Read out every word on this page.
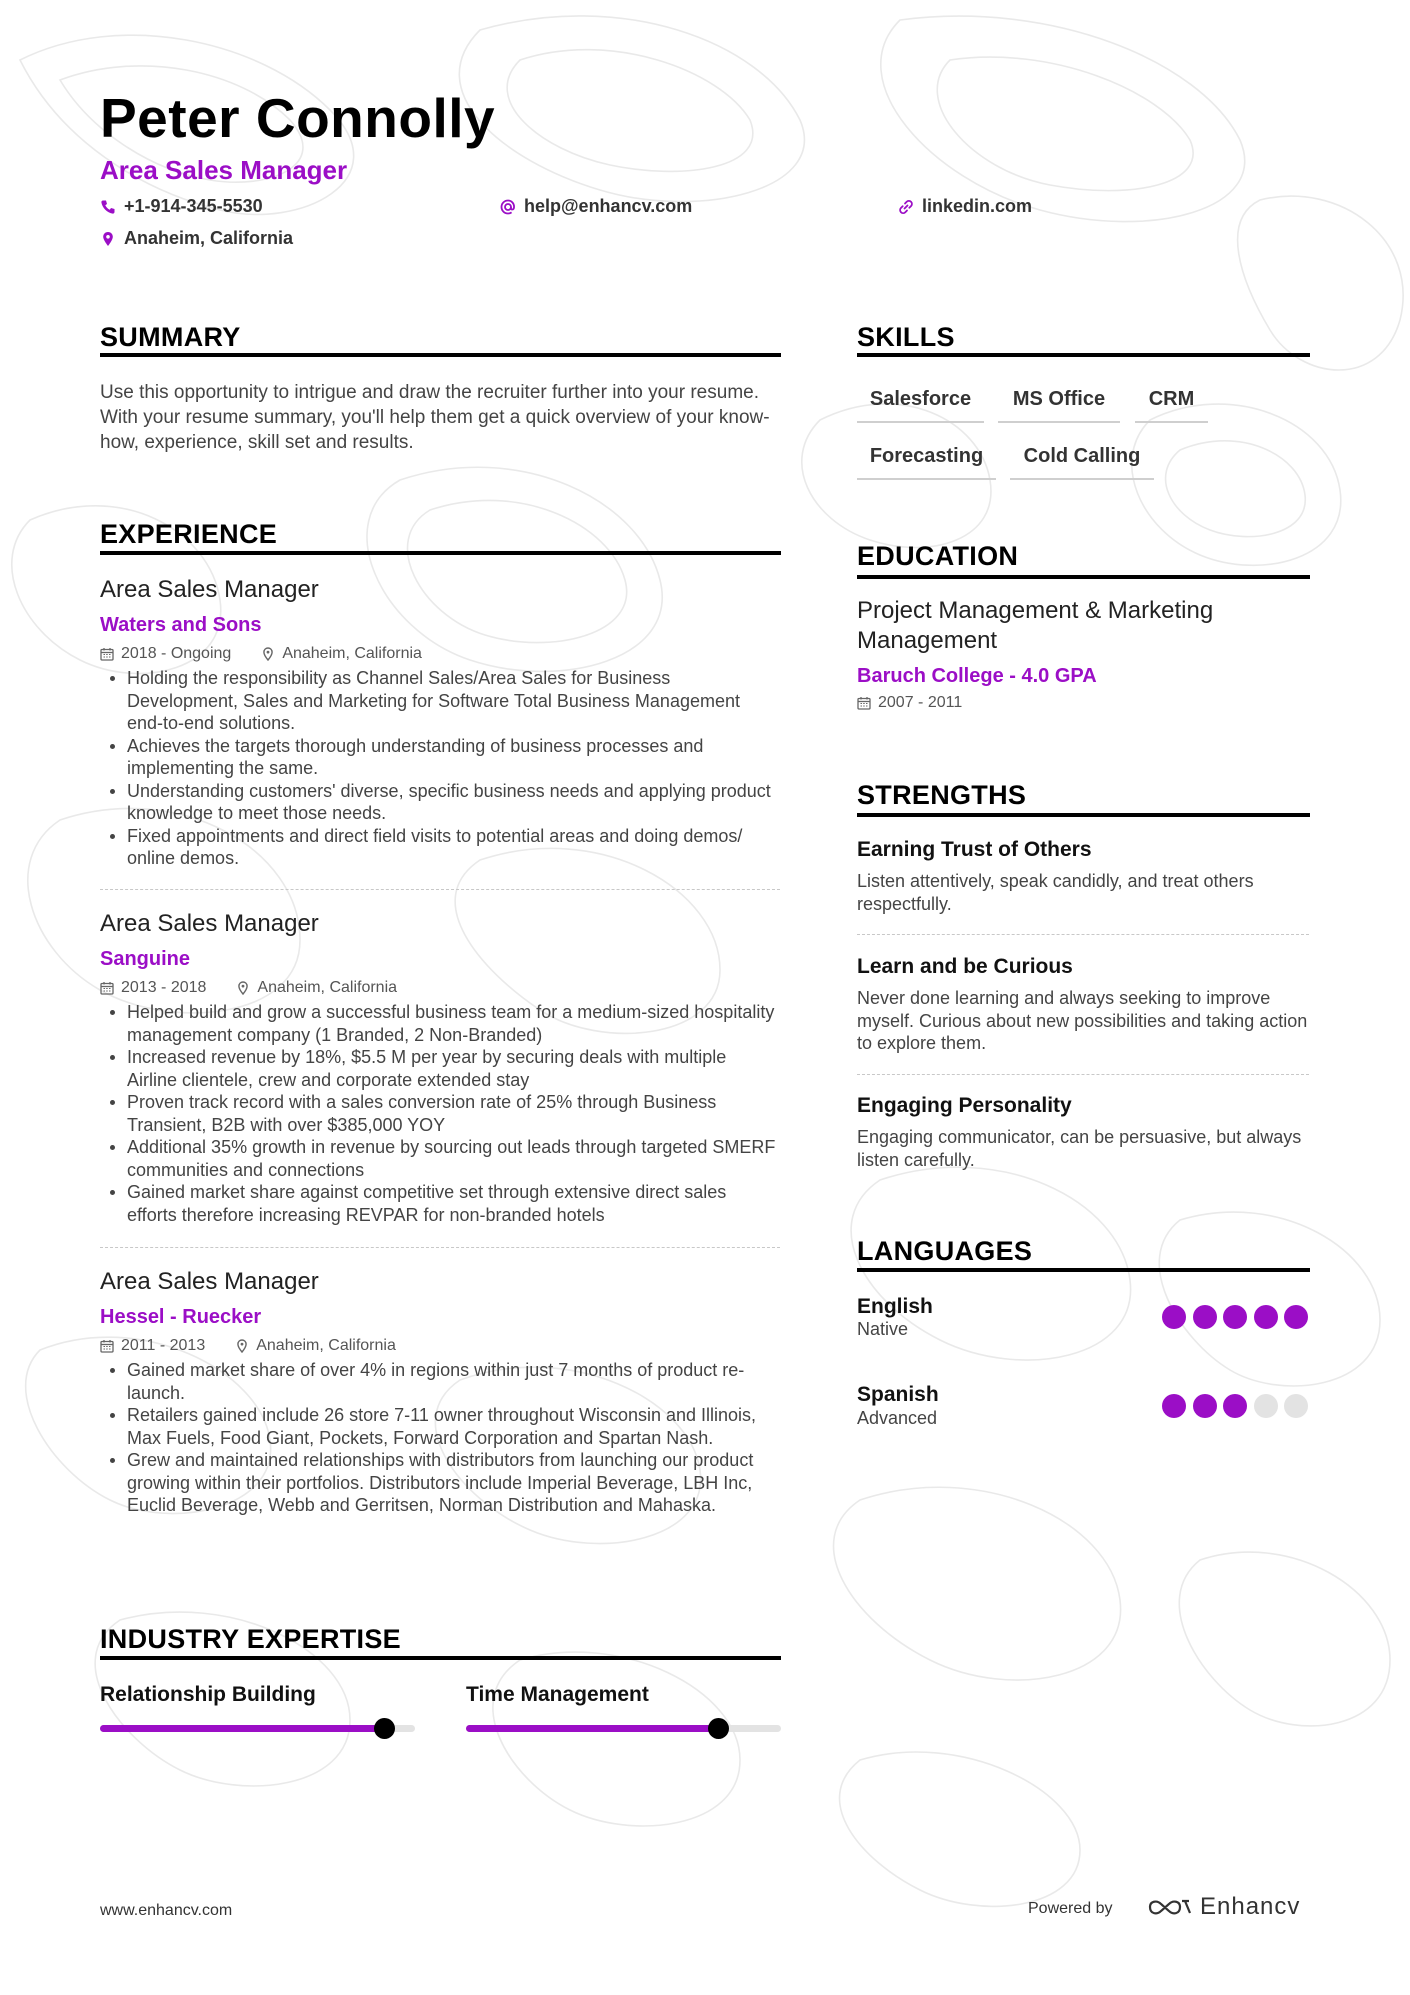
Peter Connolly
Area Sales Manager
+1-914-345-5530	help@enhancv.com	linkedin.com
Anaheim, California
SUMMARY
Use this opportunity to intrigue and draw the recruiter further into your resume. With your resume summary, you'll help them get a quick overview of your know-how, experience, skill set and results.
EXPERIENCE
Area Sales Manager
Waters and Sons
2018 - Ongoing	Anaheim, California
Holding the responsibility as Channel Sales/Area Sales for Business Development, Sales and Marketing for Software Total Business Management end-to-end solutions.
Achieves the targets thorough understanding of business processes and implementing the same.
Understanding customers' diverse, specific business needs and applying product knowledge to meet those needs.
Fixed appointments and direct field visits to potential areas and doing demos/ online demos.
Area Sales Manager
Sanguine
2013 - 2018	Anaheim, California
Helped build and grow a successful business team for a medium-sized hospitality management company (1 Branded, 2 Non-Branded)
Increased revenue by 18%, $5.5 M per year by securing deals with multiple Airline clientele, crew and corporate extended stay
Proven track record with a sales conversion rate of 25% through Business Transient, B2B with over $385,000 YOY
Additional 35% growth in revenue by sourcing out leads through targeted SMERF communities and connections
Gained market share against competitive set through extensive direct sales efforts therefore increasing REVPAR for non-branded hotels
Area Sales Manager
Hessel - Ruecker
2011 - 2013	Anaheim, California
Gained market share of over 4% in regions within just 7 months of product re-launch.
Retailers gained include 26 store 7-11 owner throughout Wisconsin and Illinois, Max Fuels, Food Giant, Pockets, Forward Corporation and Spartan Nash.
Grew and maintained relationships with distributors from launching our product growing within their portfolios. Distributors include Imperial Beverage, LBH Inc, Euclid Beverage, Webb and Gerritsen, Norman Distribution and Mahaska.
INDUSTRY EXPERTISE
Relationship Building	Time Management
SKILLS
Salesforce	MS Office	CRM
Forecasting	Cold Calling
EDUCATION
Project Management & Marketing Management
Baruch College - 4.0 GPA
2007 - 2011
STRENGTHS
Earning Trust of Others
Listen attentively, speak candidly, and treat others respectfully.
Learn and be Curious
Never done learning and always seeking to improve myself. Curious about new possibilities and taking action to explore them.
Engaging Personality
Engaging communicator, can be persuasive, but always listen carefully.
LANGUAGES
English
Native
Spanish
Advanced
www.enhancv.com	Powered by	Enhancv
